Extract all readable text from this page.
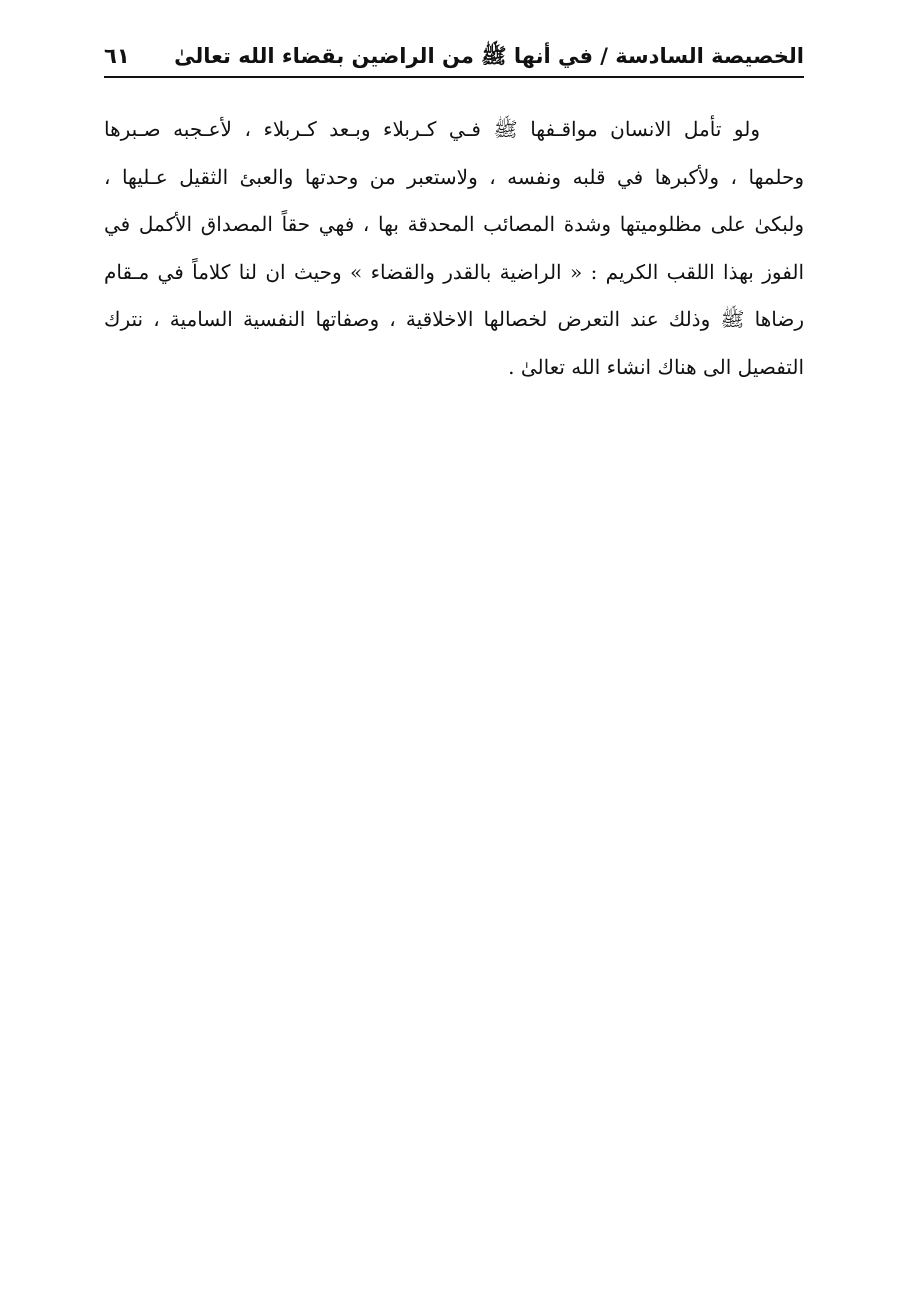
الخصيصة السادسة / في أنها ﷺ من الراضين بقضاء الله تعالىٰ
٦١
ولو تأمل الانسان مواقـفها ﷺ فـي كـربلاء وبـعد كـربلاء ، لأعـجبه صـبرها
وحلمها ، ولأكبرها في قلبه ونفسه ، ولاستعبر من وحدتها والعبئ الثقيل عـليها ،
ولبكىٰ على مظلوميتها وشدة المصائب المحدقة بها ، فهي حقاً المصداق الأكمل في
الفوز بهذا اللقب الكريم : « الراضية بالقدر والقضاء » وحيث ان لنا كلاماً في مـقام
رضاها ﷺ وذلك عند التعرض لخصالها الاخلاقية ، وصفاتها النفسية السامية ، نترك
التفصيل الى هناك انشاء الله تعالىٰ .
